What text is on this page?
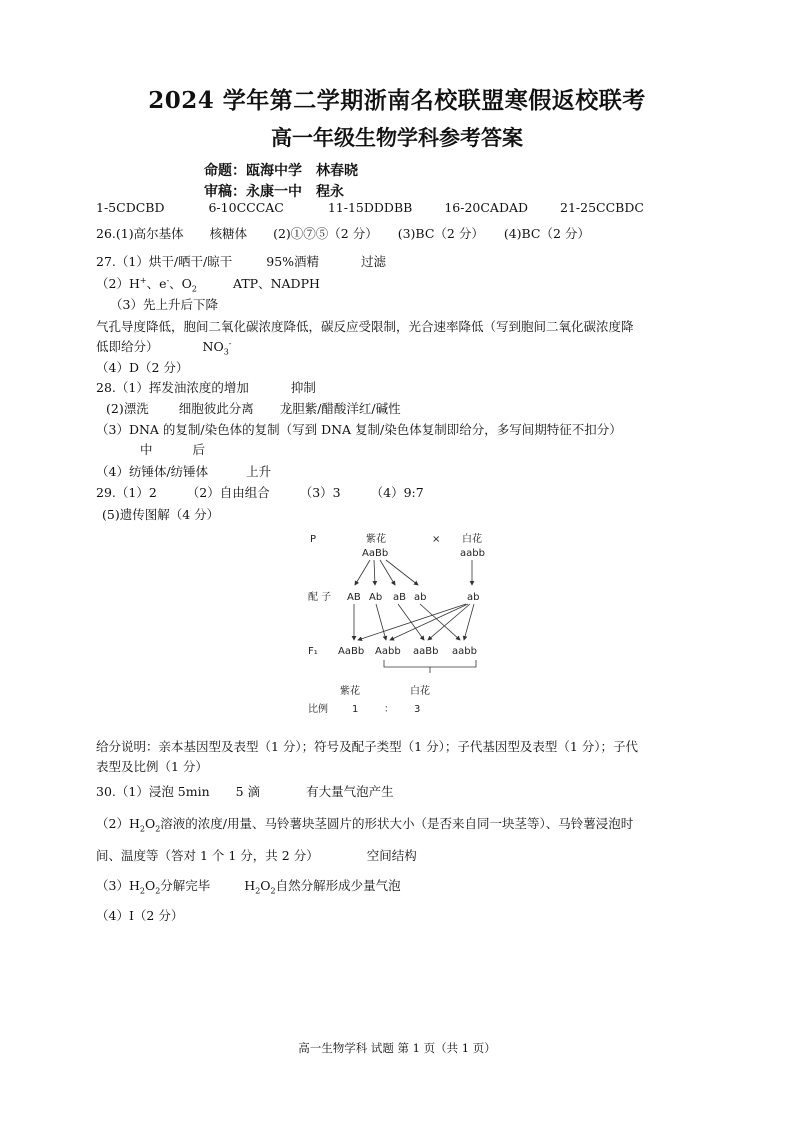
2024 学年第二学期浙南名校联盟寒假返校联考
高一年级生物学科参考答案
命题：瓯海中学　林春晓
审稿：永康一中　程永
1-5CDCBD	6-10CCCAC	11-15DDDBB	16-20CADAD	21-25CCBDC
26.(1)高尔基体 核糖体 (2)①⑦⑤（2 分） (3)BC（2 分） (4)BC（2 分）
27.（1）烘干/晒干/晾干	95%酒精	过滤
（2）H+、e-、$O_2$	ATP、NADPH
（3）先上升后下降
气孔导度降低，胞间二氧化碳浓度降低，碳反应受限制，光合速率降低（写到胞间二氧化碳浓度降
低即给分）	$NO_3^-$
（4）D（2 分）
28.（1）挥发油浓度的增加	抑制
(2)漂洗 细胞彼此分离 龙胆紫/醋酸洋红/碱性
（3）DNA 的复制/染色体的复制（写到 DNA 复制/染色体复制即给分，多写间期特征不扣分）
中	后
（4）纺锤体/纺锤体	上升
29.（1）2 （2）自由组合 （3）3 （4）9:7
(5)遗传图解（4 分）
P	紫花	× 白花
AaBb	aabb
配 子 AB Ab aB ab	ab
F₁ AaBb Aabb aaBb aabb
紫花	白花
比例 1	： 3
给分说明：亲本基因型及表型（1 分）；符号及配子类型（1 分）；子代基因型及表型（1 分）；子代
表型及比例（1 分）
30.（1）浸泡 5min 5 滴	有大量气泡产生
$(2)H_2O_2$溶液的浓度/用量、马铃薯块茎圆片的形状大小（是否来自同一块茎等）、马铃薯浸泡时
间、温度等（答对 1 个 1 分，共 2 分）	空间结构
$(3)H_2O_2$分解完毕	$H_2O_2$自然分解形成少量气泡
（4）I（2 分）
高一生物学科 试题 第 1 页（共 1 页）
